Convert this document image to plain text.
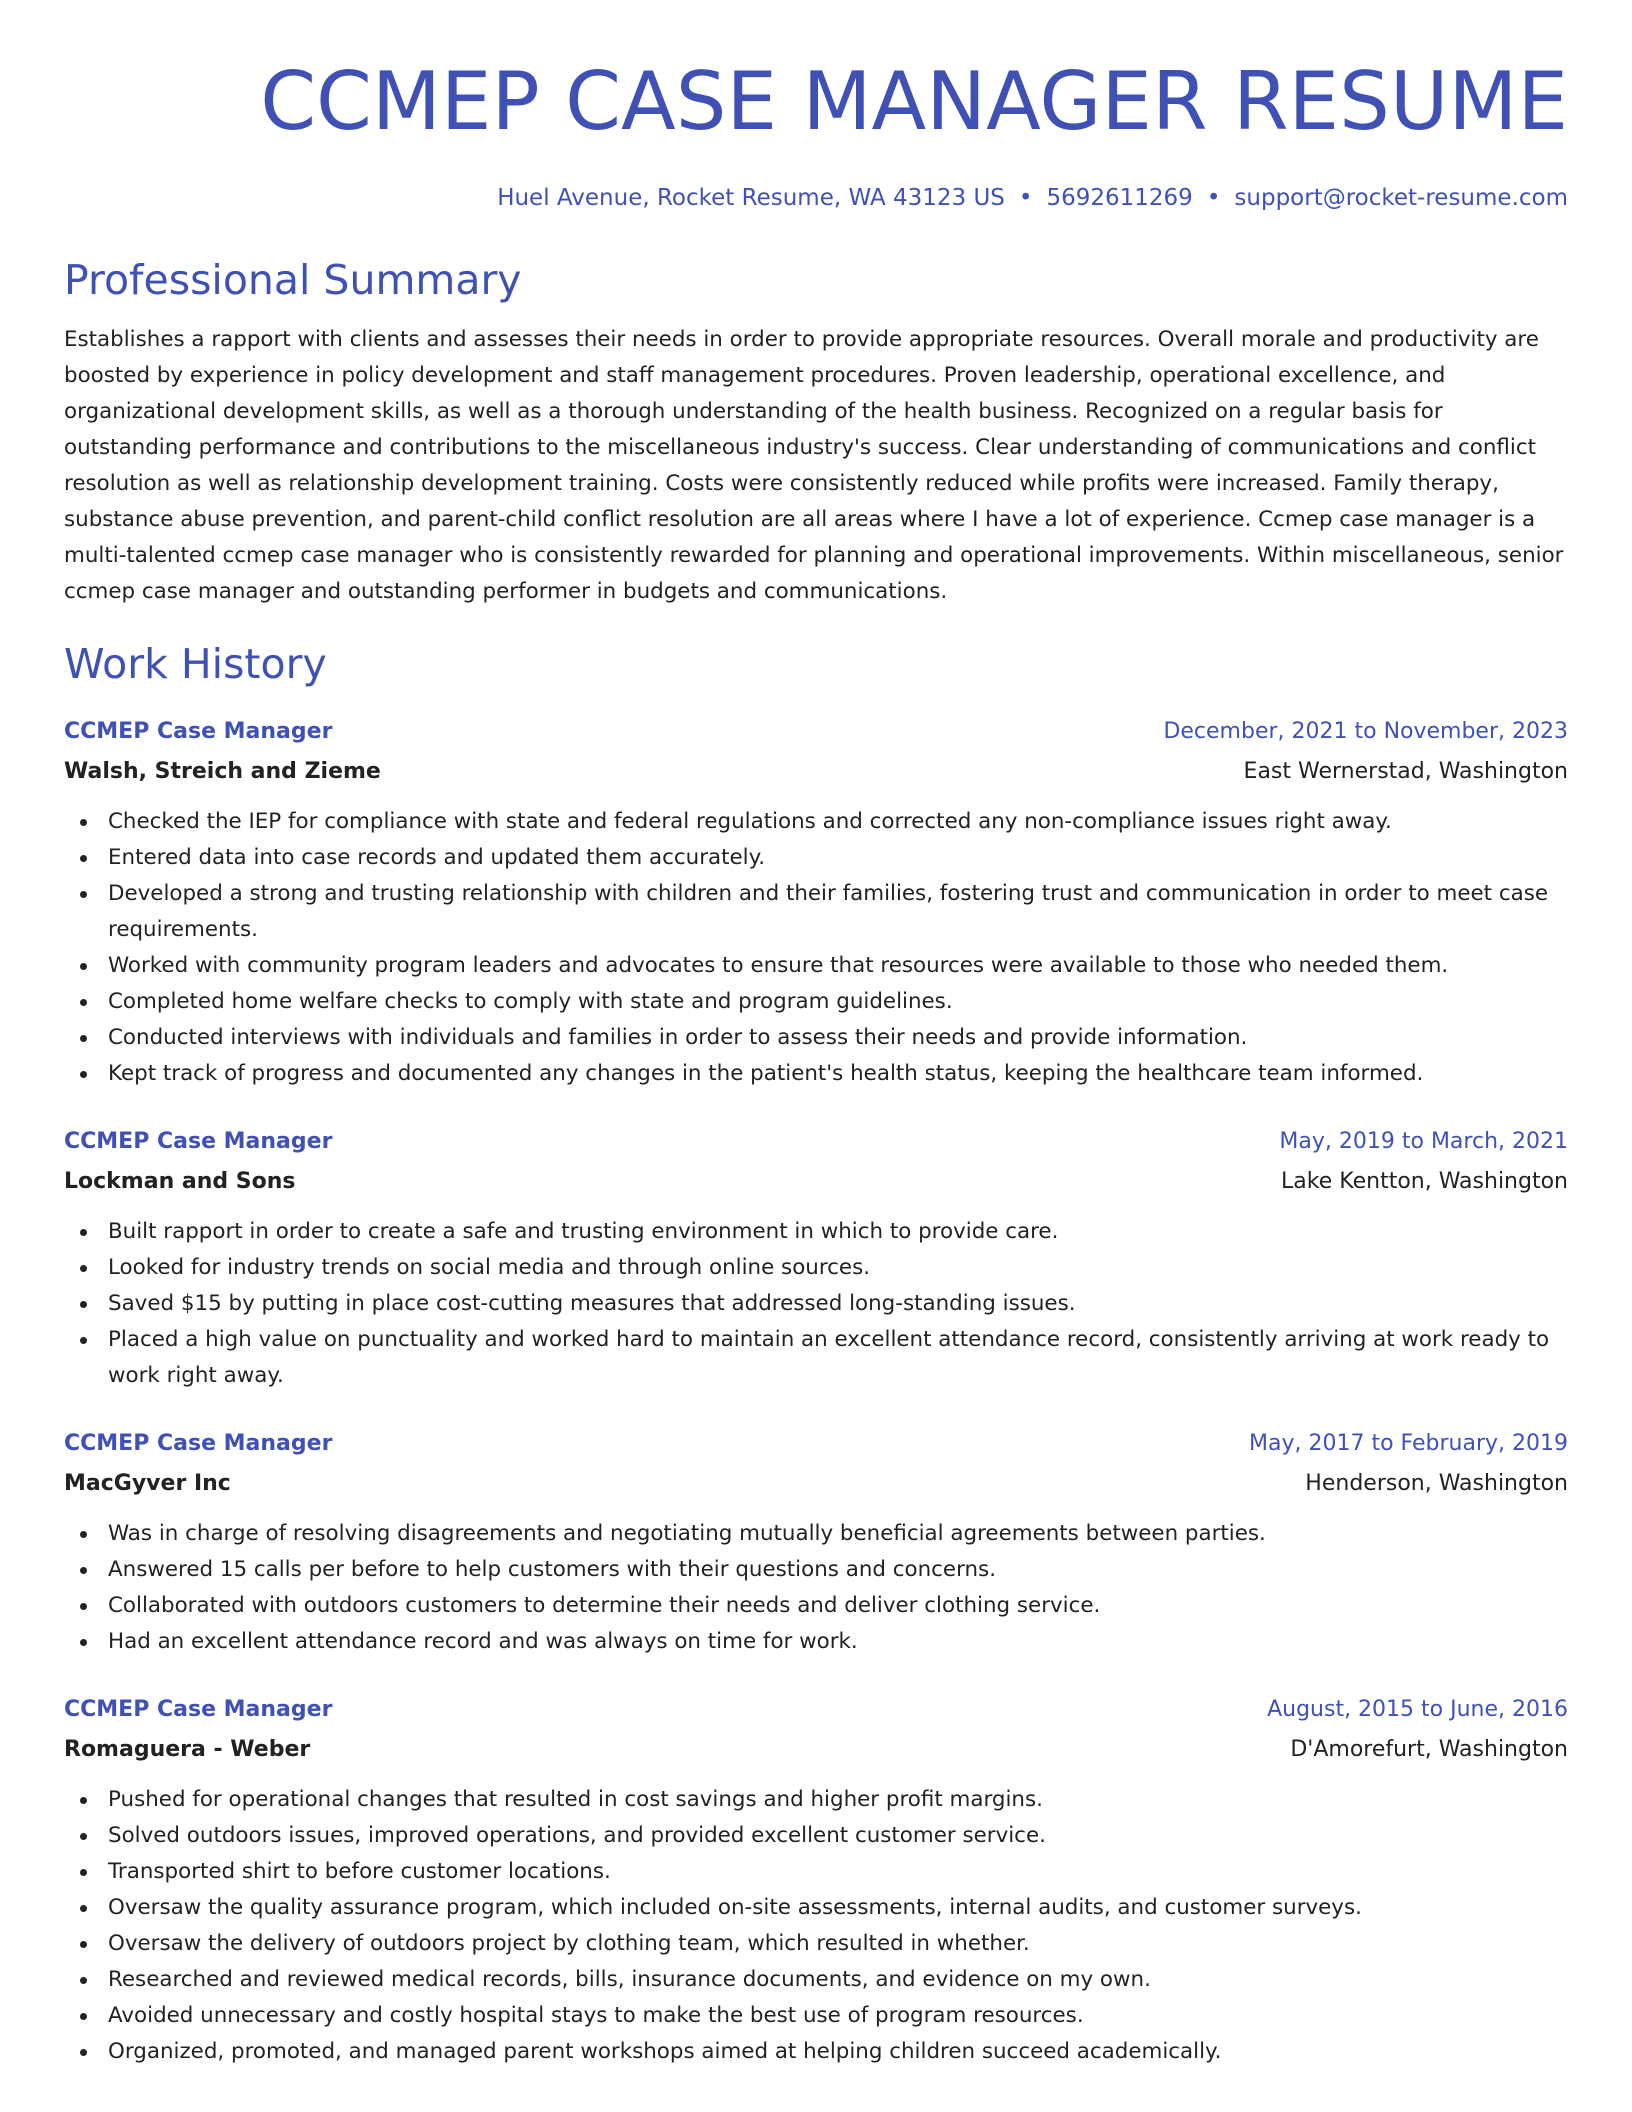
CCMEP CASE MANAGER RESUME
Huel Avenue, Rocket Resume, WA 43123 US • 5692611269 • support@rocket-resume.com
Professional Summary

Establishes a rapport with clients and assesses their needs in order to provide appropriate resources. Overall morale and productivity are boosted by experience in policy development and staff management procedures. Proven leadership, operational excellence, and organizational development skills, as well as a thorough understanding of the health business. Recognized on a regular basis for outstanding performance and contributions to the miscellaneous industry's success. Clear understanding of communications and conflict resolution as well as relationship development training. Costs were consistently reduced while profits were increased. Family therapy, substance abuse prevention, and parent-child conflict resolution are all areas where I have a lot of experience. Ccmep case manager is a multi-talented ccmep case manager who is consistently rewarded for planning and operational improvements. Within miscellaneous, senior ccmep case manager and outstanding performer in budgets and communications.

Work History
CCMEP Case Manager	December, 2021 to November, 2023
Walsh, Streich and Zieme	East Wernerstad, Washington
Checked the IEP for compliance with state and federal regulations and corrected any non-compliance issues right away.
Entered data into case records and updated them accurately.
Developed a strong and trusting relationship with children and their families, fostering trust and communication in order to meet case requirements.
Worked with community program leaders and advocates to ensure that resources were available to those who needed them.
Completed home welfare checks to comply with state and program guidelines.
Conducted interviews with individuals and families in order to assess their needs and provide information.
Kept track of progress and documented any changes in the patient's health status, keeping the healthcare team informed.
CCMEP Case Manager	May, 2019 to March, 2021
Lockman and Sons	Lake Kentton, Washington
Built rapport in order to create a safe and trusting environment in which to provide care.
Looked for industry trends on social media and through online sources.
Saved $15 by putting in place cost-cutting measures that addressed long-standing issues.
Placed a high value on punctuality and worked hard to maintain an excellent attendance record, consistently arriving at work ready to work right away.
CCMEP Case Manager	May, 2017 to February, 2019
MacGyver Inc	Henderson, Washington
Was in charge of resolving disagreements and negotiating mutually beneficial agreements between parties.
Answered 15 calls per before to help customers with their questions and concerns.
Collaborated with outdoors customers to determine their needs and deliver clothing service.
Had an excellent attendance record and was always on time for work.
CCMEP Case Manager	August, 2015 to June, 2016
Romaguera - Weber	D'Amorefurt, Washington
Pushed for operational changes that resulted in cost savings and higher profit margins.
Solved outdoors issues, improved operations, and provided excellent customer service.
Transported shirt to before customer locations.
Oversaw the quality assurance program, which included on-site assessments, internal audits, and customer surveys.
Oversaw the delivery of outdoors project by clothing team, which resulted in whether.
Researched and reviewed medical records, bills, insurance documents, and evidence on my own.
Avoided unnecessary and costly hospital stays to make the best use of program resources.
Organized, promoted, and managed parent workshops aimed at helping children succeed academically.
